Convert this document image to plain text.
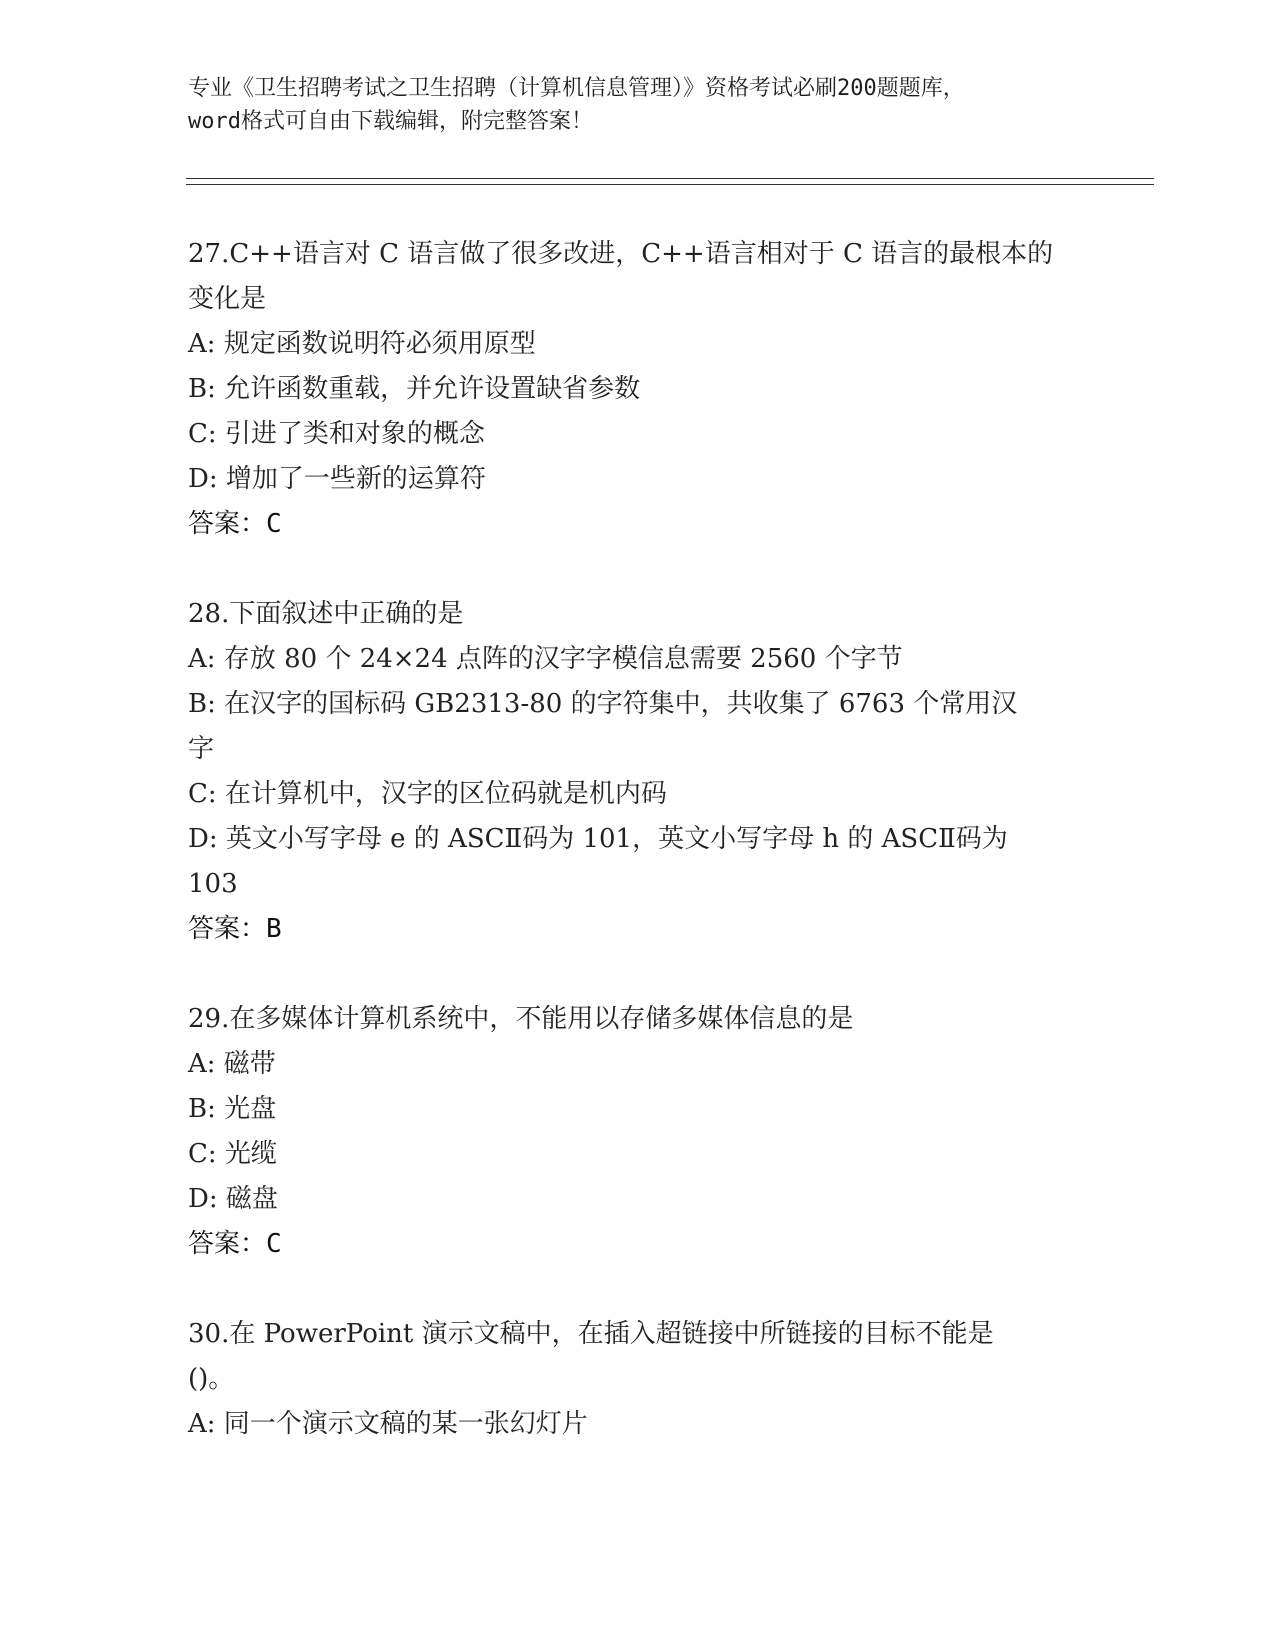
专业《卫生招聘考试之卫生招聘（计算机信息管理）》资格考试必刷200题题库，
word格式可自由下载编辑，附完整答案！
27.C++语言对 C 语言做了很多改进，C++语言相对于 C 语言的最根本的
变化是
A: 规定函数说明符必须用原型
B: 允许函数重载，并允许设置缺省参数
C: 引进了类和对象的概念
D: 增加了一些新的运算符
答案：C
28.下面叙述中正确的是
A: 存放 80 个 24×24 点阵的汉字字模信息需要 2560 个字节
B: 在汉字的国标码 GB2313-80 的字符集中，共收集了 6763 个常用汉
字
C: 在计算机中，汉字的区位码就是机内码
D: 英文小写字母 e 的 ASCⅡ码为 101，英文小写字母 h 的 ASCⅡ码为
103
答案：B
29.在多媒体计算机系统中，不能用以存储多媒体信息的是
A: 磁带
B: 光盘
C: 光缆
D: 磁盘
答案：C
30.在 PowerPoint 演示文稿中，在插入超链接中所链接的目标不能是
()。
A: 同一个演示文稿的某一张幻灯片
